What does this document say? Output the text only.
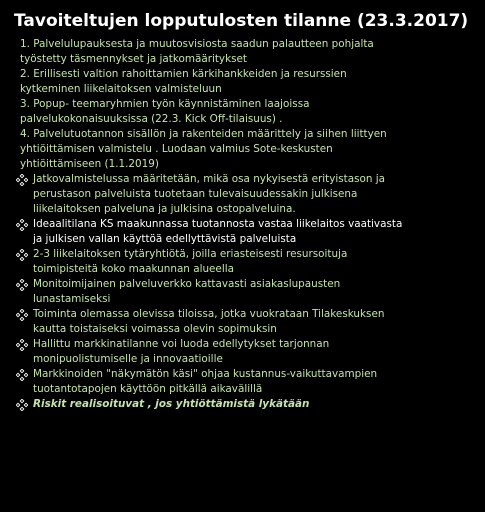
Tavoiteltujen lopputulosten tilanne (23.3.2017)
1. Palvelulupauksesta ja muutosvisiosta saadun palautteen pohjalta
työstetty täsmennykset ja jatkomääritykset
2. Erillisesti valtion rahoittamien kärkihankkeiden ja resurssien
kytkeminen liikelaitoksen valmisteluun
3. Popup- teemaryhmien työn käynnistäminen laajoissa
palvelukokonaisuuksissa (22.3. Kick Off-tilaisuus) .
4. Palvelutuotannon sisällön ja rakenteiden määrittely ja siihen liittyen
yhtiöittämisen valmistelu . Luodaan valmius Sote-keskusten
yhtiöittämiseen (1.1.2019)
Jatkovalmistelussa määritetään, mikä osa nykyisestä erityistason ja
perustason palveluista tuotetaan tulevaisuudessakin julkisena
liikelaitoksen palveluna ja julkisina ostopalveluina.
Ideaalitilana KS maakunnassa tuotannosta vastaa liikelaitos vaativasta
ja julkisen vallan käyttöä edellyttävistä palveluista
2-3 liikelaitoksen tytäryhtiötä, joilla eriasteisesti resursoituja
toimipisteitä koko maakunnan alueella
Monitoimijainen palveluverkko kattavasti asiakaslupausten
lunastamiseksi
Toiminta olemassa olevissa tiloissa, jotka vuokrataan Tilakeskuksen
kautta toistaiseksi voimassa olevin sopimuksin
Hallittu markkinatilanne voi luoda edellytykset tarjonnan
monipuolistumiselle ja innovaatioille
Markkinoiden "näkymätön käsi" ohjaa kustannus-vaikuttavampien
tuotantotapojen käyttöön pitkällä aikavälillä
Riskit realisoituvat , jos yhtiöttämistä lykätään
